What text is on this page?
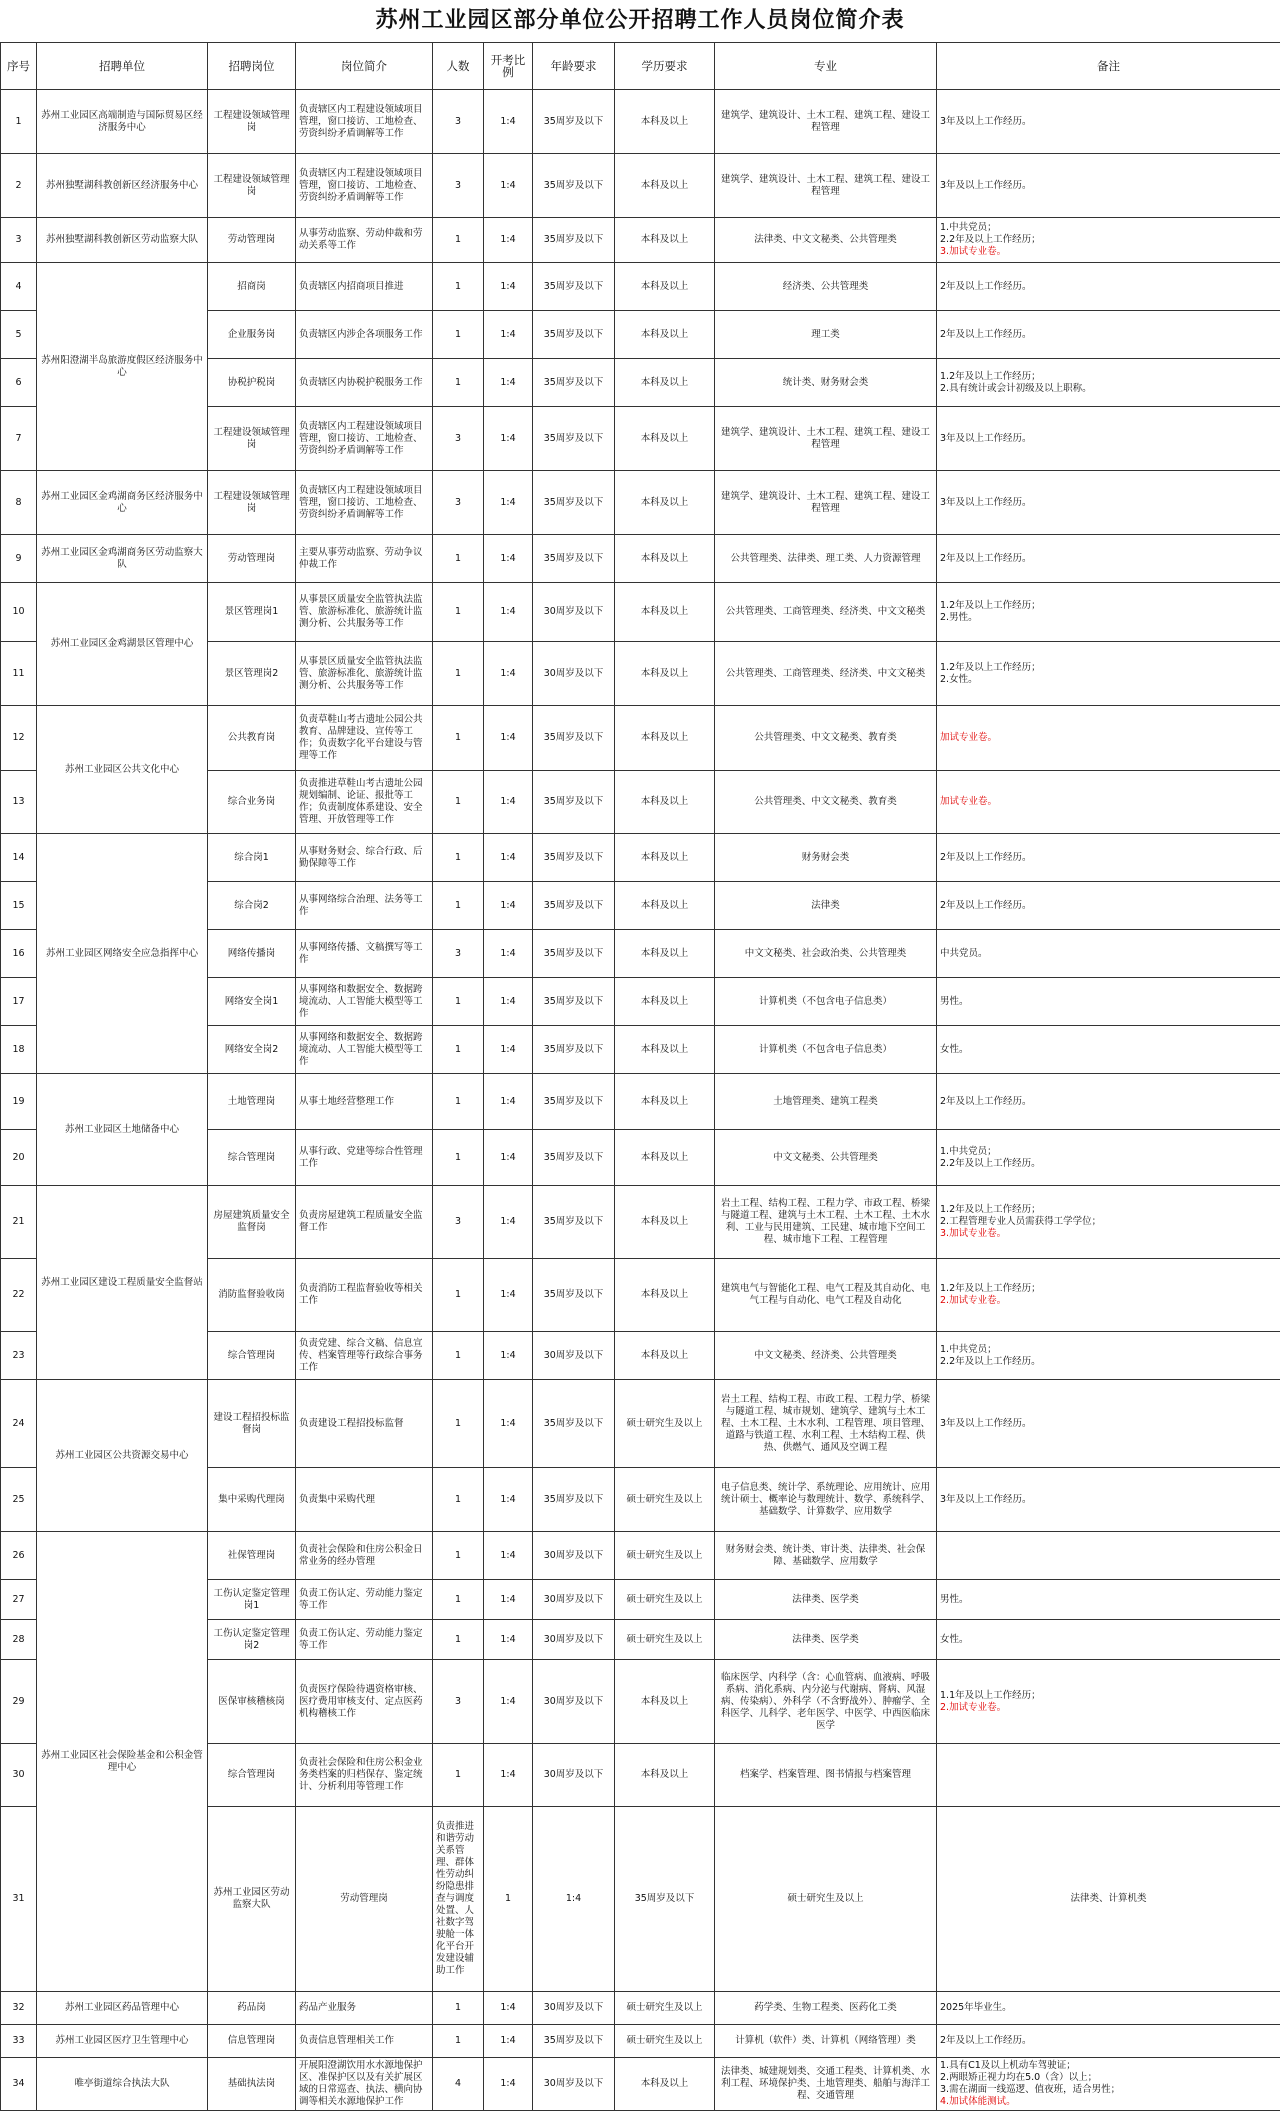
苏州工业园区部分单位公开招聘工作人员岗位简介表
序号	招聘单位	招聘岗位	岗位简介	人数	开考比例	年龄要求	学历要求	专业	备注	
1	苏州工业园区高端制造与国际贸易区经济服务中心	工程建设领域管理岗	负责辖区内工程建设领域项目管理，窗口接访、工地检查、劳资纠纷矛盾调解等工作	3	1:4	35周岁及以下	本科及以上	建筑学、建筑设计、土木工程、建筑工程、建设工程管理	3年及以上工作经历。	

2	苏州独墅湖科教创新区经济服务中心	工程建设领域管理岗	负责辖区内工程建设领域项目管理，窗口接访、工地检查、劳资纠纷矛盾调解等工作	3	1:4	35周岁及以下	本科及以上	建筑学、建筑设计、土木工程、建筑工程、建设工程管理	3年及以上工作经历。	

3	苏州独墅湖科教创新区劳动监察大队	劳动管理岗	从事劳动监察、劳动仲裁和劳动关系等工作	1	1:4	35周岁及以下	本科及以上	法律类、中文文秘类、公共管理类	1.中共党员；
2.2年及以上工作经历；
3.加试专业卷。	

4	苏州阳澄湖半岛旅游度假区经济服务中心	招商岗	负责辖区内招商项目推进	1	1:4	35周岁及以下	本科及以上	经济类、公共管理类	2年及以上工作经历。	

5		企业服务岗	负责辖区内涉企各项服务工作	1	1:4	35周岁及以下	本科及以上	理工类	2年及以上工作经历。	

6		协税护税岗	负责辖区内协税护税服务工作	1	1:4	35周岁及以下	本科及以上	统计类、财务财会类	1.2年及以上工作经历；
2.具有统计或会计初级及以上职称。	

7		工程建设领域管理岗	负责辖区内工程建设领域项目管理，窗口接访、工地检查、劳资纠纷矛盾调解等工作	3	1:4	35周岁及以下	本科及以上	建筑学、建筑设计、土木工程、建筑工程、建设工程管理	3年及以上工作经历。	

8	苏州工业园区金鸡湖商务区经济服务中心	工程建设领域管理岗	负责辖区内工程建设领域项目管理，窗口接访、工地检查、劳资纠纷矛盾调解等工作	3	1:4	35周岁及以下	本科及以上	建筑学、建筑设计、土木工程、建筑工程、建设工程管理	3年及以上工作经历。	

9	苏州工业园区金鸡湖商务区劳动监察大队	劳动管理岗	主要从事劳动监察、劳动争议仲裁工作	1	1:4	35周岁及以下	本科及以上	公共管理类、法律类、理工类、人力资源管理	2年及以上工作经历。	

10	苏州工业园区金鸡湖景区管理中心	景区管理岗1	从事景区质量安全监管执法监管、旅游标准化、旅游统计监测分析、公共服务等工作	1	1:4	30周岁及以下	本科及以上	公共管理类、工商管理类、经济类、中文文秘类	1.2年及以上工作经历；
2.男性。	

11		景区管理岗2	从事景区质量安全监管执法监管、旅游标准化、旅游统计监测分析、公共服务等工作	1	1:4	30周岁及以下	本科及以上	公共管理类、工商管理类、经济类、中文文秘类	1.2年及以上工作经历；
2.女性。	

12	苏州工业园区公共文化中心	公共教育岗	负责草鞋山考古遗址公园公共教育、品牌建设、宣传等工作；负责数字化平台建设与管理等工作	1	1:4	35周岁及以下	本科及以上	公共管理类、中文文秘类、教育类	加试专业卷。	

13		综合业务岗	负责推进草鞋山考古遗址公园规划编制、论证、报批等工作；负责制度体系建设、安全管理、开放管理等工作	1	1:4	35周岁及以下	本科及以上	公共管理类、中文文秘类、教育类	加试专业卷。	

14	苏州工业园区网络安全应急指挥中心	综合岗1	从事财务财会、综合行政、后勤保障等工作	1	1:4	35周岁及以下	本科及以上	财务财会类	2年及以上工作经历。	

15		综合岗2	从事网络综合治理、法务等工作	1	1:4	35周岁及以下	本科及以上	法律类	2年及以上工作经历。	

16		网络传播岗	从事网络传播、文稿撰写等工作	3	1:4	35周岁及以下	本科及以上	中文文秘类、社会政治类、公共管理类	中共党员。	

17		网络安全岗1	从事网络和数据安全、数据跨境流动、人工智能大模型等工作	1	1:4	35周岁及以下	本科及以上	计算机类（不包含电子信息类）	男性。	

18		网络安全岗2	从事网络和数据安全、数据跨境流动、人工智能大模型等工作	1	1:4	35周岁及以下	本科及以上	计算机类（不包含电子信息类）	女性。	

19	苏州工业园区土地储备中心	土地管理岗	从事土地经营整理工作	1	1:4	35周岁及以下	本科及以上	土地管理类、建筑工程类	2年及以上工作经历。	

20		综合管理岗	从事行政、党建等综合性管理工作	1	1:4	35周岁及以下	本科及以上	中文文秘类、公共管理类	1.中共党员；
2.2年及以上工作经历。	

21	苏州工业园区建设工程质量安全监督站	房屋建筑质量安全监督岗	负责房屋建筑工程质量安全监督工作	3	1:4	35周岁及以下	本科及以上	岩土工程、结构工程、工程力学、市政工程、桥梁与隧道工程、建筑与土木工程、土木工程、土木水利、工业与民用建筑、工民建、城市地下空间工程、城市地下工程、工程管理	1.2年及以上工作经历；
2.工程管理专业人员需获得工学学位；
3.加试专业卷。	

22		消防监督验收岗	负责消防工程监督验收等相关工作	1	1:4	35周岁及以下	本科及以上	建筑电气与智能化工程、电气工程及其自动化、电气工程与自动化、电气工程及自动化	1.2年及以上工作经历；
2.加试专业卷。	

23		综合管理岗	负责党建、综合文稿、信息宣传、档案管理等行政综合事务工作	1	1:4	30周岁及以下	本科及以上	中文文秘类、经济类、公共管理类	1.中共党员；
2.2年及以上工作经历。	

24	苏州工业园区公共资源交易中心	建设工程招投标监督岗	负责建设工程招投标监督	1	1:4	35周岁及以下	硕士研究生及以上	岩土工程、结构工程、市政工程、工程力学、桥梁与隧道工程、城市规划、建筑学、建筑与土木工程、土木工程、土木水利、工程管理、项目管理、道路与铁道工程、水利工程、土木结构工程、供热、供燃气、通风及空调工程	3年及以上工作经历。	

25		集中采购代理岗	负责集中采购代理	1	1:4	35周岁及以下	硕士研究生及以上	电子信息类、统计学、系统理论、应用统计、应用统计硕士、概率论与数理统计、数学、系统科学、基础数学、计算数学、应用数学	3年及以上工作经历。	

26	苏州工业园区社会保险基金和公积金管理中心	社保管理岗	负责社会保险和住房公积金日常业务的经办管理	1	1:4	30周岁及以下	硕士研究生及以上	财务财会类、统计类、审计类、法律类、社会保障、基础数学、应用数学		
27		工伤认定鉴定管理岗1	负责工伤认定、劳动能力鉴定等工作	1	1:4	30周岁及以下	硕士研究生及以上	法律类、医学类	男性。	

28		工伤认定鉴定管理岗2	负责工伤认定、劳动能力鉴定等工作	1	1:4	30周岁及以下	硕士研究生及以上	法律类、医学类	女性。	

29		医保审核稽核岗	负责医疗保险待遇资格审核、医疗费用审核支付、定点医药机构稽核工作	3	1:4	30周岁及以下	本科及以上	临床医学、内科学（含：心血管病、血液病、呼吸系病、消化系病、内分泌与代谢病、肾病、风湿病、传染病）、外科学（不含野战外）、肿瘤学、全科医学、儿科学、老年医学、中医学、中西医临床医学	1.1年及以上工作经历；
2.加试专业卷。	

30		综合管理岗	负责社会保险和住房公积金业务类档案的归档保存、鉴定统计、分析利用等管理工作	1	1:4	30周岁及以下	本科及以上	档案学、档案管理、图书情报与档案管理		
31		苏州工业园区劳动监察大队	劳动管理岗	负责推进和谐劳动关系管理、群体性劳动纠纷隐患排查与调度处置、人社数字驾驶舱一体化平台开发建设辅助工作	1	1:4	35周岁及以下	硕士研究生及以上	法律类、计算机类	

32	苏州工业园区药品管理中心	药品岗	药品产业服务	1	1:4	30周岁及以下	硕士研究生及以上	药学类、生物工程类、医药化工类	2025年毕业生。	

33	苏州工业园区医疗卫生管理中心	信息管理岗	负责信息管理相关工作	1	1:4	35周岁及以下	硕士研究生及以上	计算机（软件）类、计算机（网络管理）类	2年及以上工作经历。	

34	唯亭街道综合执法大队	基础执法岗	开展阳澄湖饮用水水源地保护区、准保护区以及有关扩展区域的日常巡查、执法、横向协调等相关水源地保护工作	4	1:4	30周岁及以下	本科及以上	法律类、城建规划类、交通工程类、计算机类、水利工程、环境保护类、土地管理类、船舶与海洋工程、交通管理	1.具有C1及以上机动车驾驶证；
2.两眼矫正视力均在5.0（含）以上；
3.需在湖面一线巡逻、值夜班，适合男性；
4.加试体能测试。	
